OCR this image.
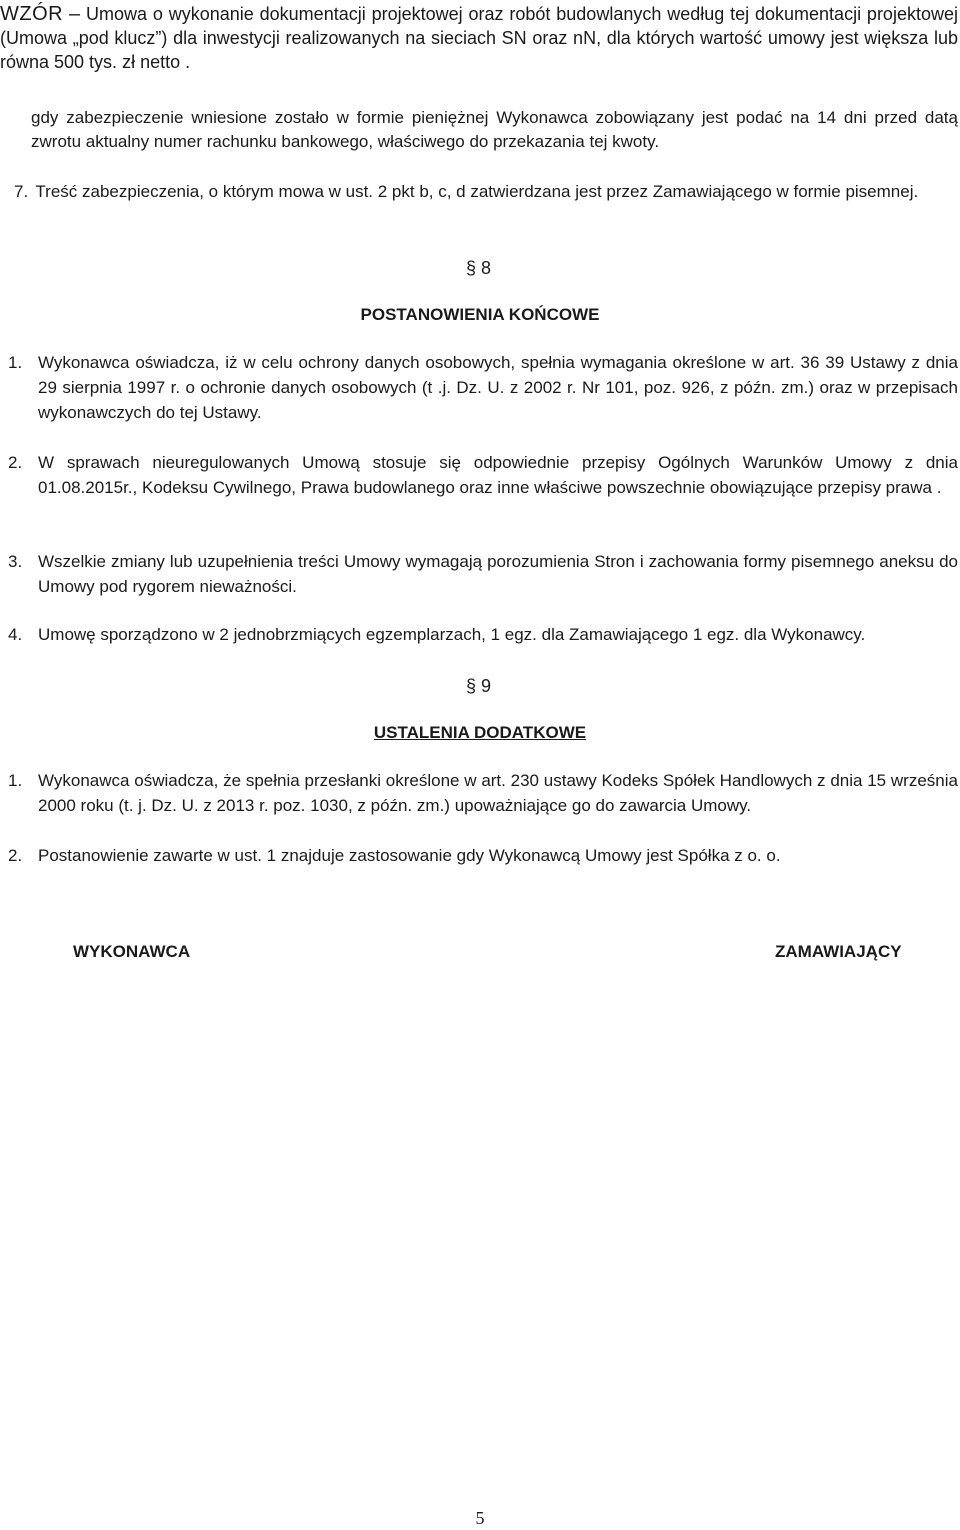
WZÓR – Umowa o wykonanie dokumentacji projektowej oraz robót budowlanych według tej dokumentacji projektowej (Umowa „pod klucz”) dla inwestycji realizowanych na sieciach SN oraz nN, dla których wartość umowy jest większa lub równa 500 tys. zł netto .
gdy zabezpieczenie wniesione zostało w formie pieniężnej Wykonawca zobowiązany jest podać na 14 dni przed datą zwrotu aktualny numer rachunku bankowego, właściwego do przekazania tej kwoty.
7. Treść zabezpieczenia, o którym mowa w ust. 2 pkt b, c, d zatwierdzana jest przez Zamawiającego w formie pisemnej.
§ 8
POSTANOWIENIA KOŃCOWE
1. Wykonawca oświadcza, iż w celu ochrony danych osobowych, spełnia wymagania określone w art. 36 39 Ustawy z dnia 29 sierpnia 1997 r. o ochronie danych osobowych (t .j. Dz. U. z 2002 r. Nr 101, poz. 926, z późn. zm.) oraz w przepisach wykonawczych do tej Ustawy.
2. W sprawach nieuregulowanych Umową stosuje się odpowiednie przepisy Ogólnych Warunków Umowy z dnia 01.08.2015r., Kodeksu Cywilnego, Prawa budowlanego oraz inne właściwe powszechnie obowiązujące przepisy prawa .
3. Wszelkie zmiany lub uzupełnienia treści Umowy wymagają porozumienia Stron i zachowania formy pisemnego aneksu do Umowy pod rygorem nieważności.
4. Umowę sporządzono w 2 jednobrzmiących egzemplarzach, 1 egz. dla Zamawiającego 1 egz. dla Wykonawcy.
§ 9
USTALENIA DODATKOWE
1. Wykonawca oświadcza, że spełnia przesłanki określone w art. 230 ustawy Kodeks Spółek Handlowych z dnia 15 września 2000 roku (t. j. Dz. U. z 2013 r. poz. 1030, z późn. zm.) upoważniające go do zawarcia Umowy.
2. Postanowienie zawarte w ust. 1 znajduje zastosowanie gdy Wykonawcą Umowy jest Spółka z o. o.
WYKONAWCA	ZAMAWIAJĄCY
5
